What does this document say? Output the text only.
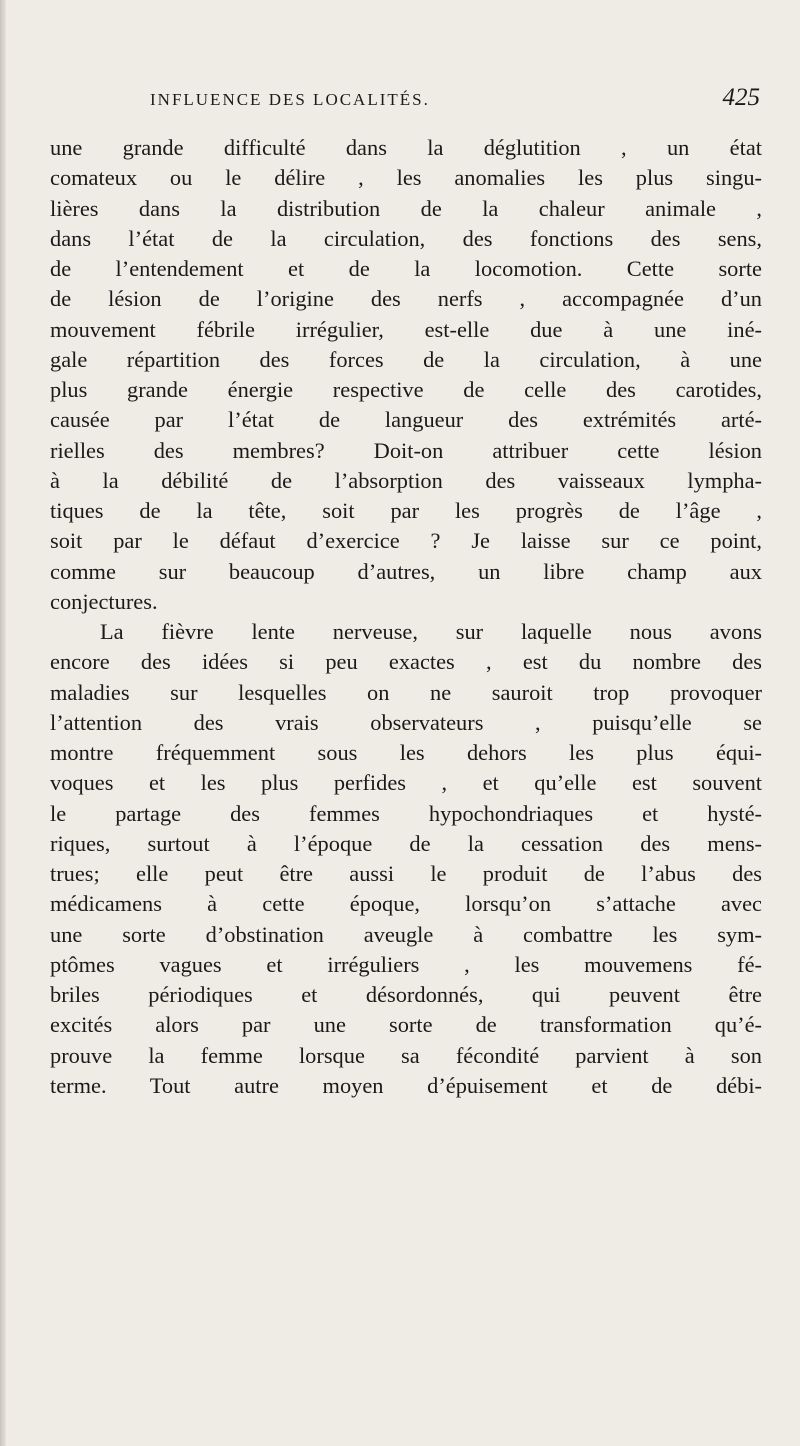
INFLUENCE DES LOCALITÉS.	425
une grande difficulté dans la déglutition , un état
comateux ou le délire , les anomalies les plus singu-
lières dans la distribution de la chaleur animale ,
dans l’état de la circulation, des fonctions des sens,
de l’entendement et de la locomotion. Cette sorte
de lésion de l’origine des nerfs , accompagnée d’un
mouvement fébrile irrégulier, est-elle due à une iné-
gale répartition des forces de la circulation, à une
plus grande énergie respective de celle des carotides,
causée par l’état de langueur des extrémités arté-
rielles des membres? Doit-on attribuer cette lésion
à la débilité de l’absorption des vaisseaux lympha-
tiques de la tête, soit par les progrès de l’âge ,
soit par le défaut d’exercice ? Je laisse sur ce point,
comme sur beaucoup d’autres, un libre champ aux
conjectures.
La fièvre lente nerveuse, sur laquelle nous avons
encore des idées si peu exactes , est du nombre des
maladies sur lesquelles on ne sauroit trop provoquer
l’attention des vrais observateurs , puisqu’elle se
montre fréquemment sous les dehors les plus équi-
voques et les plus perfides , et qu’elle est souvent
le partage des femmes hypochondriaques et hysté-
riques, surtout à l’époque de la cessation des mens-
trues; elle peut être aussi le produit de l’abus des
médicamens à cette époque, lorsqu’on s’attache avec
une sorte d’obstination aveugle à combattre les sym-
ptômes vagues et irréguliers , les mouvemens fé-
briles périodiques et désordonnés, qui peuvent être
excités alors par une sorte de transformation qu’é-
prouve la femme lorsque sa fécondité parvient à son
terme. Tout autre moyen d’épuisement et de débi-
